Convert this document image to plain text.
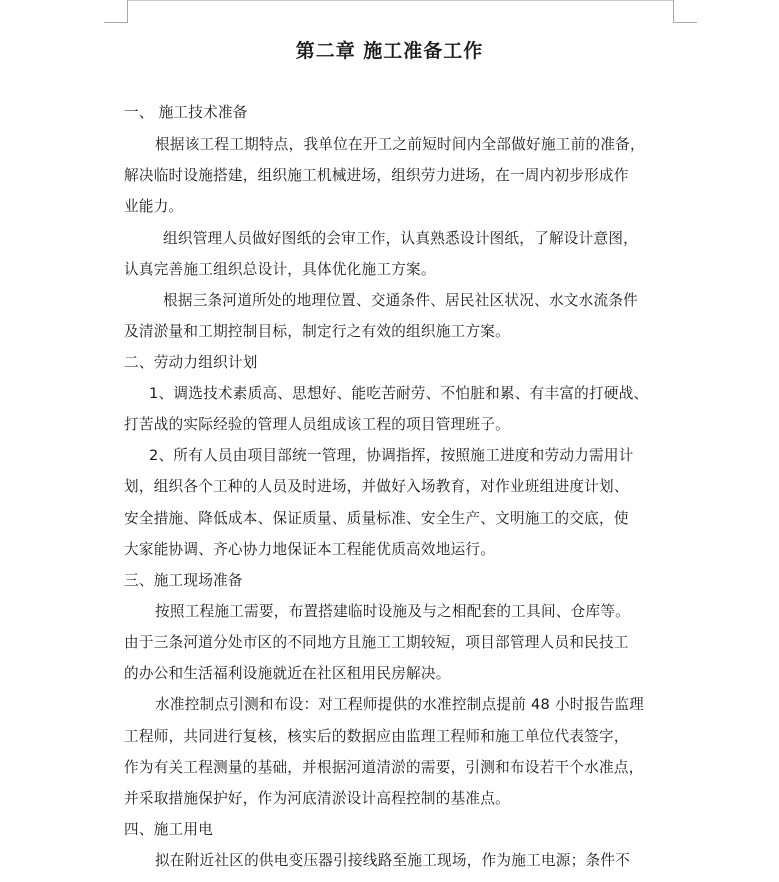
第二章 施工准备工作
一、 施工技术准备
根据该工程工期特点，我单位在开工之前短时间内全部做好施工前的准备，
解决临时设施搭建，组织施工机械进场，组织劳力进场，在一周内初步形成作
业能力。
组织管理人员做好图纸的会审工作，认真熟悉设计图纸，了解设计意图，
认真完善施工组织总设计，具体优化施工方案。
根据三条河道所处的地理位置、交通条件、居民社区状况、水文水流条件
及清淤量和工期控制目标，制定行之有效的组织施工方案。
二、劳动力组织计划
1、调选技术素质高、思想好、能吃苦耐劳、不怕脏和累、有丰富的打硬战、
打苦战的实际经验的管理人员组成该工程的项目管理班子。
2、所有人员由项目部统一管理，协调指挥，按照施工进度和劳动力需用计
划，组织各个工种的人员及时进场，并做好入场教育，对作业班组进度计划、
安全措施、降低成本、保证质量、质量标准、安全生产、文明施工的交底，使
大家能协调、齐心协力地保证本工程能优质高效地运行。
三、施工现场准备
按照工程施工需要，布置搭建临时设施及与之相配套的工具间、仓库等。
由于三条河道分处市区的不同地方且施工工期较短，项目部管理人员和民技工
的办公和生活福利设施就近在社区租用民房解决。
水准控制点引测和布设：对工程师提供的水准控制点提前 48 小时报告监理
工程师，共同进行复核，核实后的数据应由监理工程师和施工单位代表签字，
作为有关工程测量的基础，并根据河道清淤的需要，引测和布设若干个水准点，
并采取措施保护好，作为河底清淤设计高程控制的基准点。
四、施工用电
拟在附近社区的供电变压器引接线路至施工现场，作为施工电源；条件不
